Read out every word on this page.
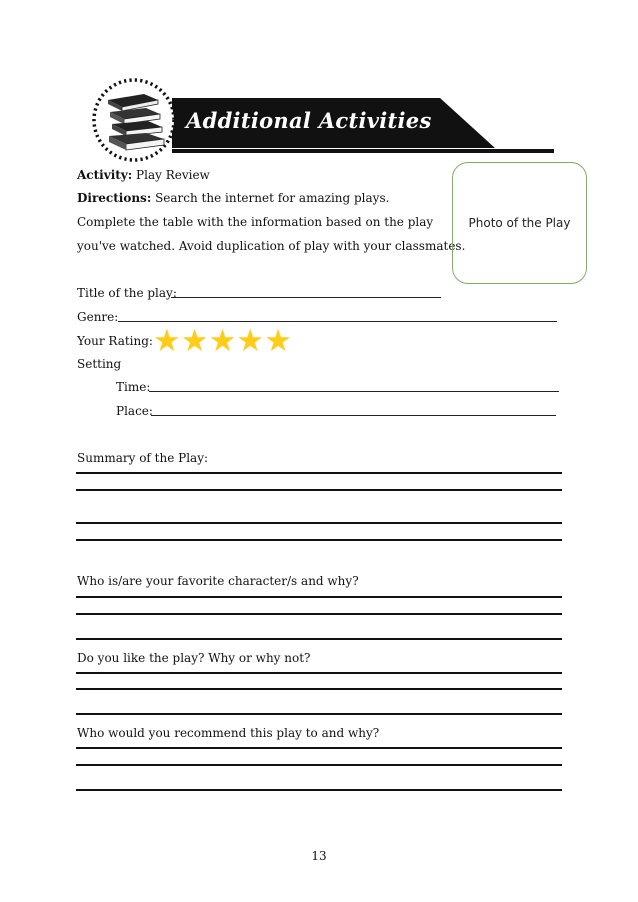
Additional Activities
Activity: Play Review
Directions: Search the internet for amazing plays.
Complete the table with the information based on the play
you've watched. Avoid duplication of play with your classmates.
Photo of the Play
Title of the play:
Genre:
Your Rating: ★ ★ ★ ★ ★
Setting
Time:
Place:
Summary of the Play:
Who is/are your favorite character/s and why?
Do you like the play? Why or why not?
Who would you recommend this play to and why?
13
